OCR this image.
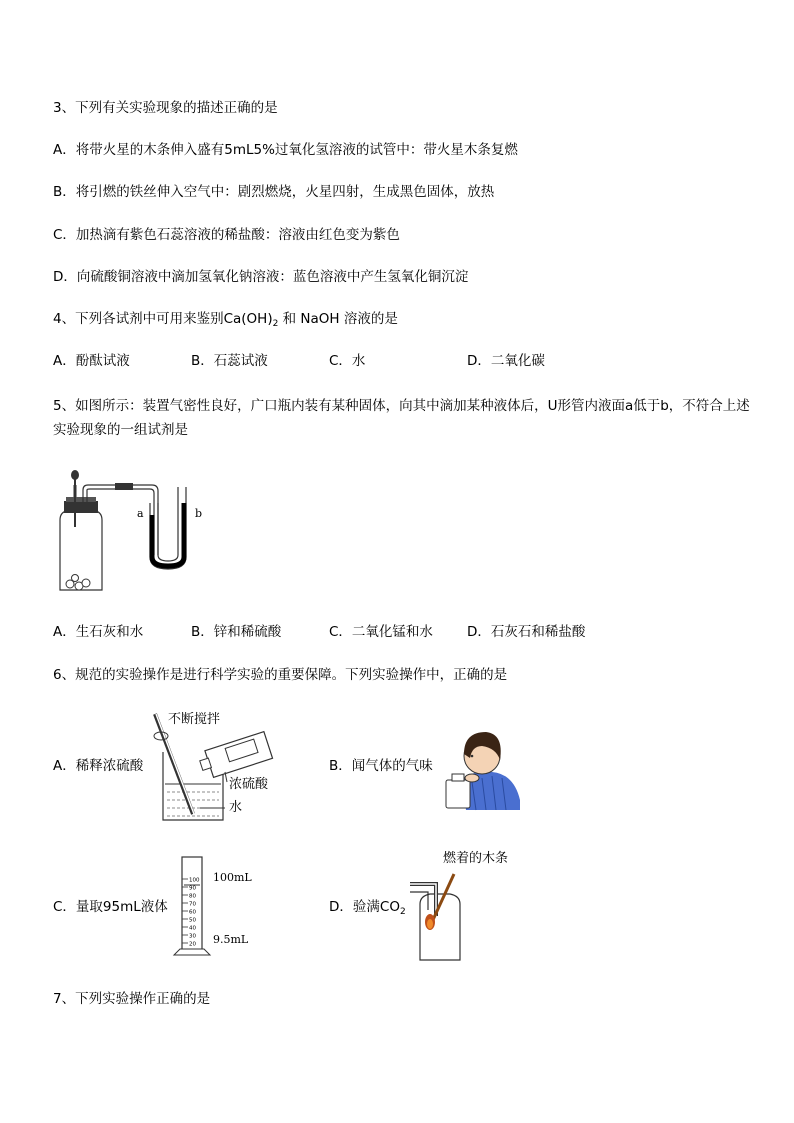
3、下列有关实验现象的描述正确的是
A．将带火星的木条伸入盛有5mL5%过氧化氢溶液的试管中：带火星木条复燃
B．将引燃的铁丝伸入空气中：剧烈燃烧，火星四射，生成黑色固体，放热
C．加热滴有紫色石蕊溶液的稀盐酸：溶液由红色变为紫色
D．向硫酸铜溶液中滴加氢氧化钠溶液：蓝色溶液中产生氢氧化铜沉淀
4、下列各试剂中可用来鉴别$Ca(OH)_2$ 和 NaOH 溶液的是
A．酚酞试液	B．石蕊试液	C．水	D．二氧化碳
5、如图所示：装置气密性良好，广口瓶内装有某种固体，向其中滴加某种液体后，U形管内液面a低于b，不符合上述实验现象的一组试剂是
a	b
A．生石灰和水	B．锌和稀硫酸	C．二氧化锰和水	D．石灰石和稀盐酸
6、规范的实验操作是进行科学实验的重要保障。下列实验操作中，正确的是
A．稀释浓硫酸
不断搅拌
浓硫酸
水
B．闻气体的气味
C．量取95mL液体
100
90
80
70
60
50
40
30
20
100mL
9.5mL
D．验满$CO_2$
燃着的木条
7、下列实验操作正确的是
